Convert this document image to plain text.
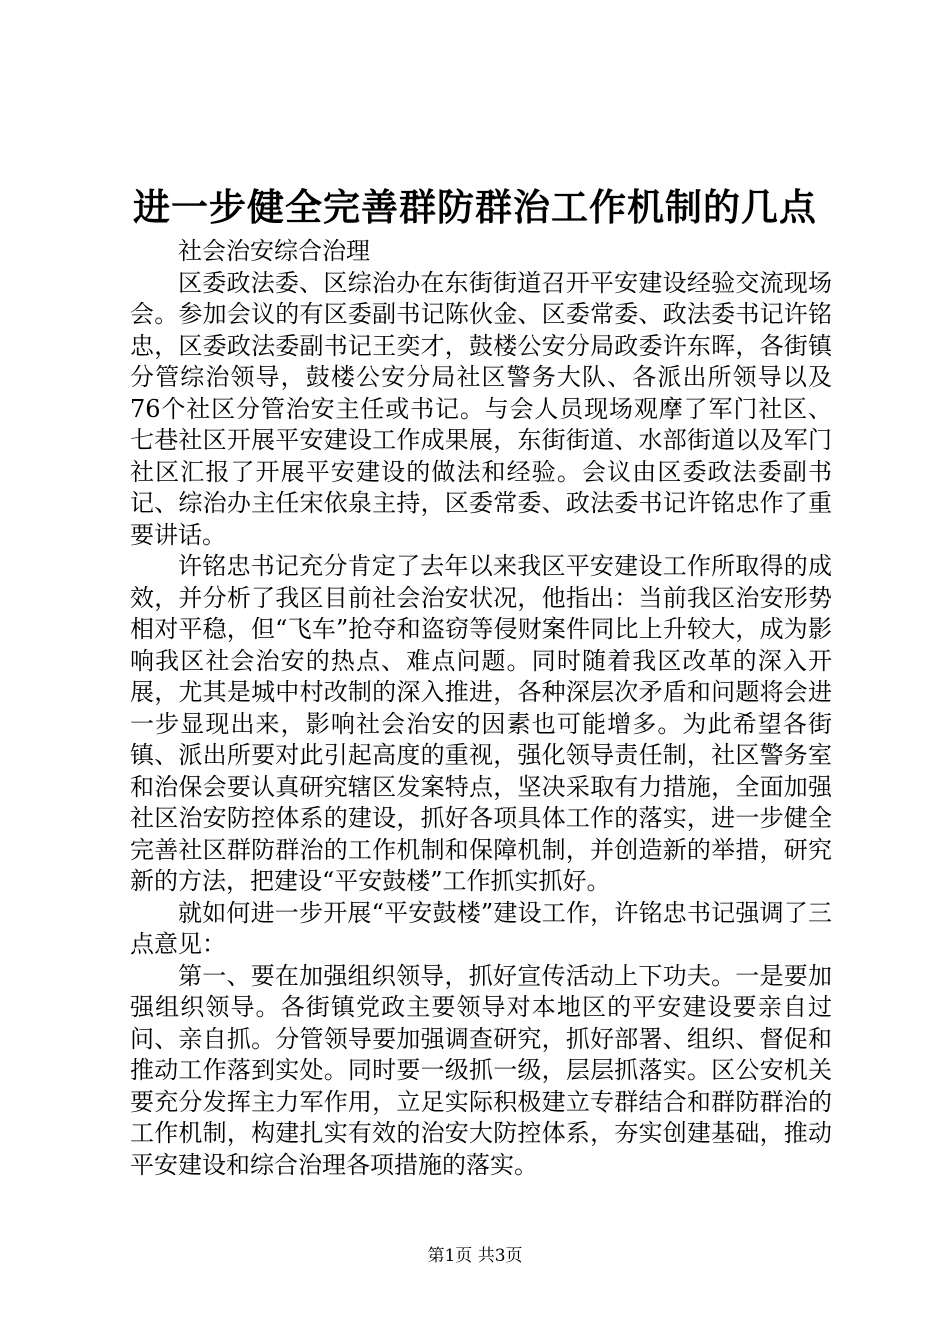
进一步健全完善群防群治工作机制的几点

社会治安综合治理

区委政法委、区综治办在东街街道召开平安建设经验交流现场会。参加会议的有区委副书记陈伙金、区委常委、政法委书记许铭忠，区委政法委副书记王奕才，鼓楼公安分局政委许东晖，各街镇分管综治领导，鼓楼公安分局社区警务大队、各派出所领导以及76个社区分管治安主任或书记。与会人员现场观摩了军门社区、七巷社区开展平安建设工作成果展，东街街道、水部街道以及军门社区汇报了开展平安建设的做法和经验。会议由区委政法委副书记、综治办主任宋依泉主持，区委常委、政法委书记许铭忠作了重要讲话。

许铭忠书记充分肯定了去年以来我区平安建设工作所取得的成效，并分析了我区目前社会治安状况，他指出：当前我区治安形势相对平稳，但“飞车”抢夺和盗窃等侵财案件同比上升较大，成为影响我区社会治安的热点、难点问题。同时随着我区改革的深入开展，尤其是城中村改制的深入推进，各种深层次矛盾和问题将会进一步显现出来，影响社会治安的因素也可能增多。为此希望各街镇、派出所要对此引起高度的重视，强化领导责任制，社区警务室和治保会要认真研究辖区发案特点，坚决采取有力措施，全面加强社区治安防控体系的建设，抓好各项具体工作的落实，进一步健全完善社区群防群治的工作机制和保障机制，并创造新的举措，研究新的方法，把建设“平安鼓楼”工作抓实抓好。

就如何进一步开展“平安鼓楼”建设工作，许铭忠书记强调了三点意见：

第一、要在加强组织领导，抓好宣传活动上下功夫。一是要加强组织领导。各街镇党政主要领导对本地区的平安建设要亲自过问、亲自抓。分管领导要加强调查研究，抓好部署、组织、督促和推动工作落到实处。同时要一级抓一级，层层抓落实。区公安机关要充分发挥主力军作用，立足实际积极建立专群结合和群防群治的工作机制，构建扎实有效的治安大防控体系，夯实创建基础，推动平安建设和综合治理各项措施的落实。

第1页 共3页
